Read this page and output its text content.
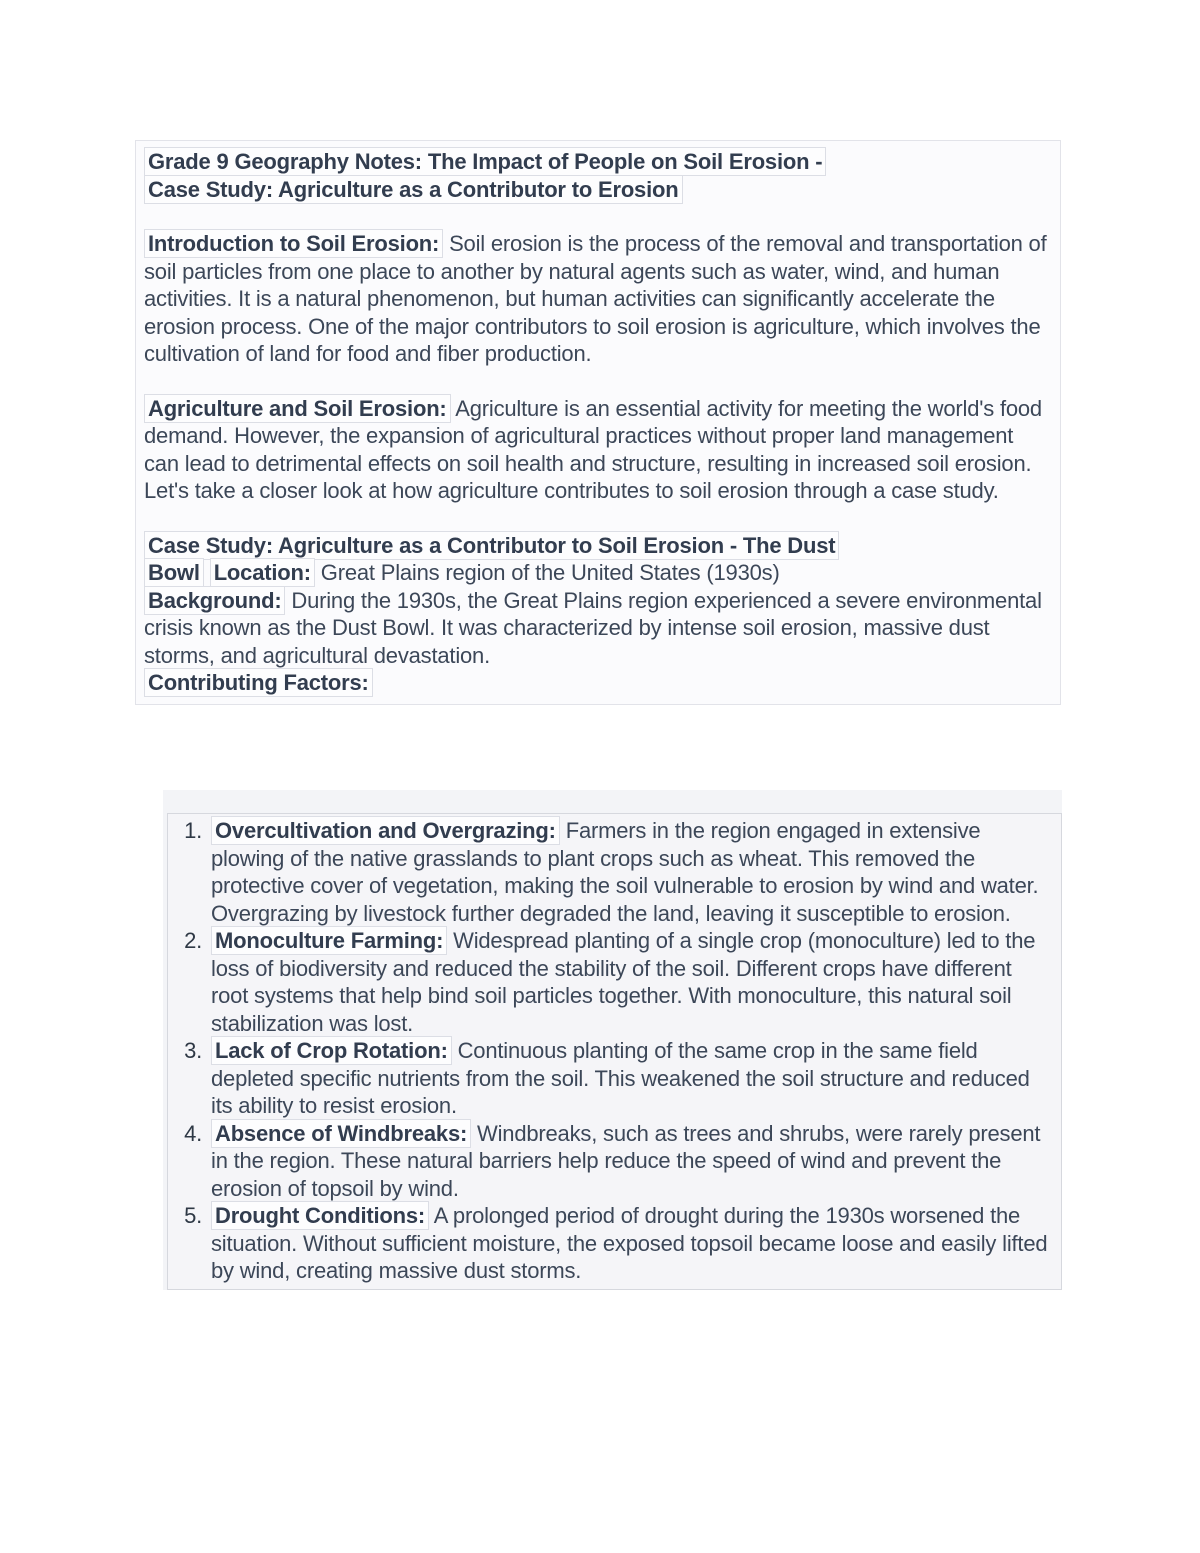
Grade 9 Geography Notes: The Impact of People on Soil Erosion -
Case Study: Agriculture as a Contributor to Erosion

Introduction to Soil Erosion: Soil erosion is the process of the removal and transportation of soil particles from one place to another by natural agents such as water, wind, and human activities. It is a natural phenomenon, but human activities can significantly accelerate the erosion process. One of the major contributors to soil erosion is agriculture, which involves the cultivation of land for food and fiber production.

Agriculture and Soil Erosion: Agriculture is an essential activity for meeting the world's food demand. However, the expansion of agricultural practices without proper land management can lead to detrimental effects on soil health and structure, resulting in increased soil erosion. Let's take a closer look at how agriculture contributes to soil erosion through a case study.

Case Study: Agriculture as a Contributor to Soil Erosion - The Dust
Bowl Location: Great Plains region of the United States (1930s)
Background: During the 1930s, the Great Plains region experienced a severe environmental crisis known as the Dust Bowl. It was characterized by intense soil erosion, massive dust storms, and agricultural devastation.
Contributing Factors:

1. Overcultivation and Overgrazing: Farmers in the region engaged in extensive plowing of the native grasslands to plant crops such as wheat. This removed the protective cover of vegetation, making the soil vulnerable to erosion by wind and water. Overgrazing by livestock further degraded the land, leaving it susceptible to erosion.
2. Monoculture Farming: Widespread planting of a single crop (monoculture) led to the loss of biodiversity and reduced the stability of the soil. Different crops have different root systems that help bind soil particles together. With monoculture, this natural soil stabilization was lost.
3. Lack of Crop Rotation: Continuous planting of the same crop in the same field depleted specific nutrients from the soil. This weakened the soil structure and reduced its ability to resist erosion.
4. Absence of Windbreaks: Windbreaks, such as trees and shrubs, were rarely present in the region. These natural barriers help reduce the speed of wind and prevent the erosion of topsoil by wind.
5. Drought Conditions: A prolonged period of drought during the 1930s worsened the situation. Without sufficient moisture, the exposed topsoil became loose and easily lifted by wind, creating massive dust storms.
